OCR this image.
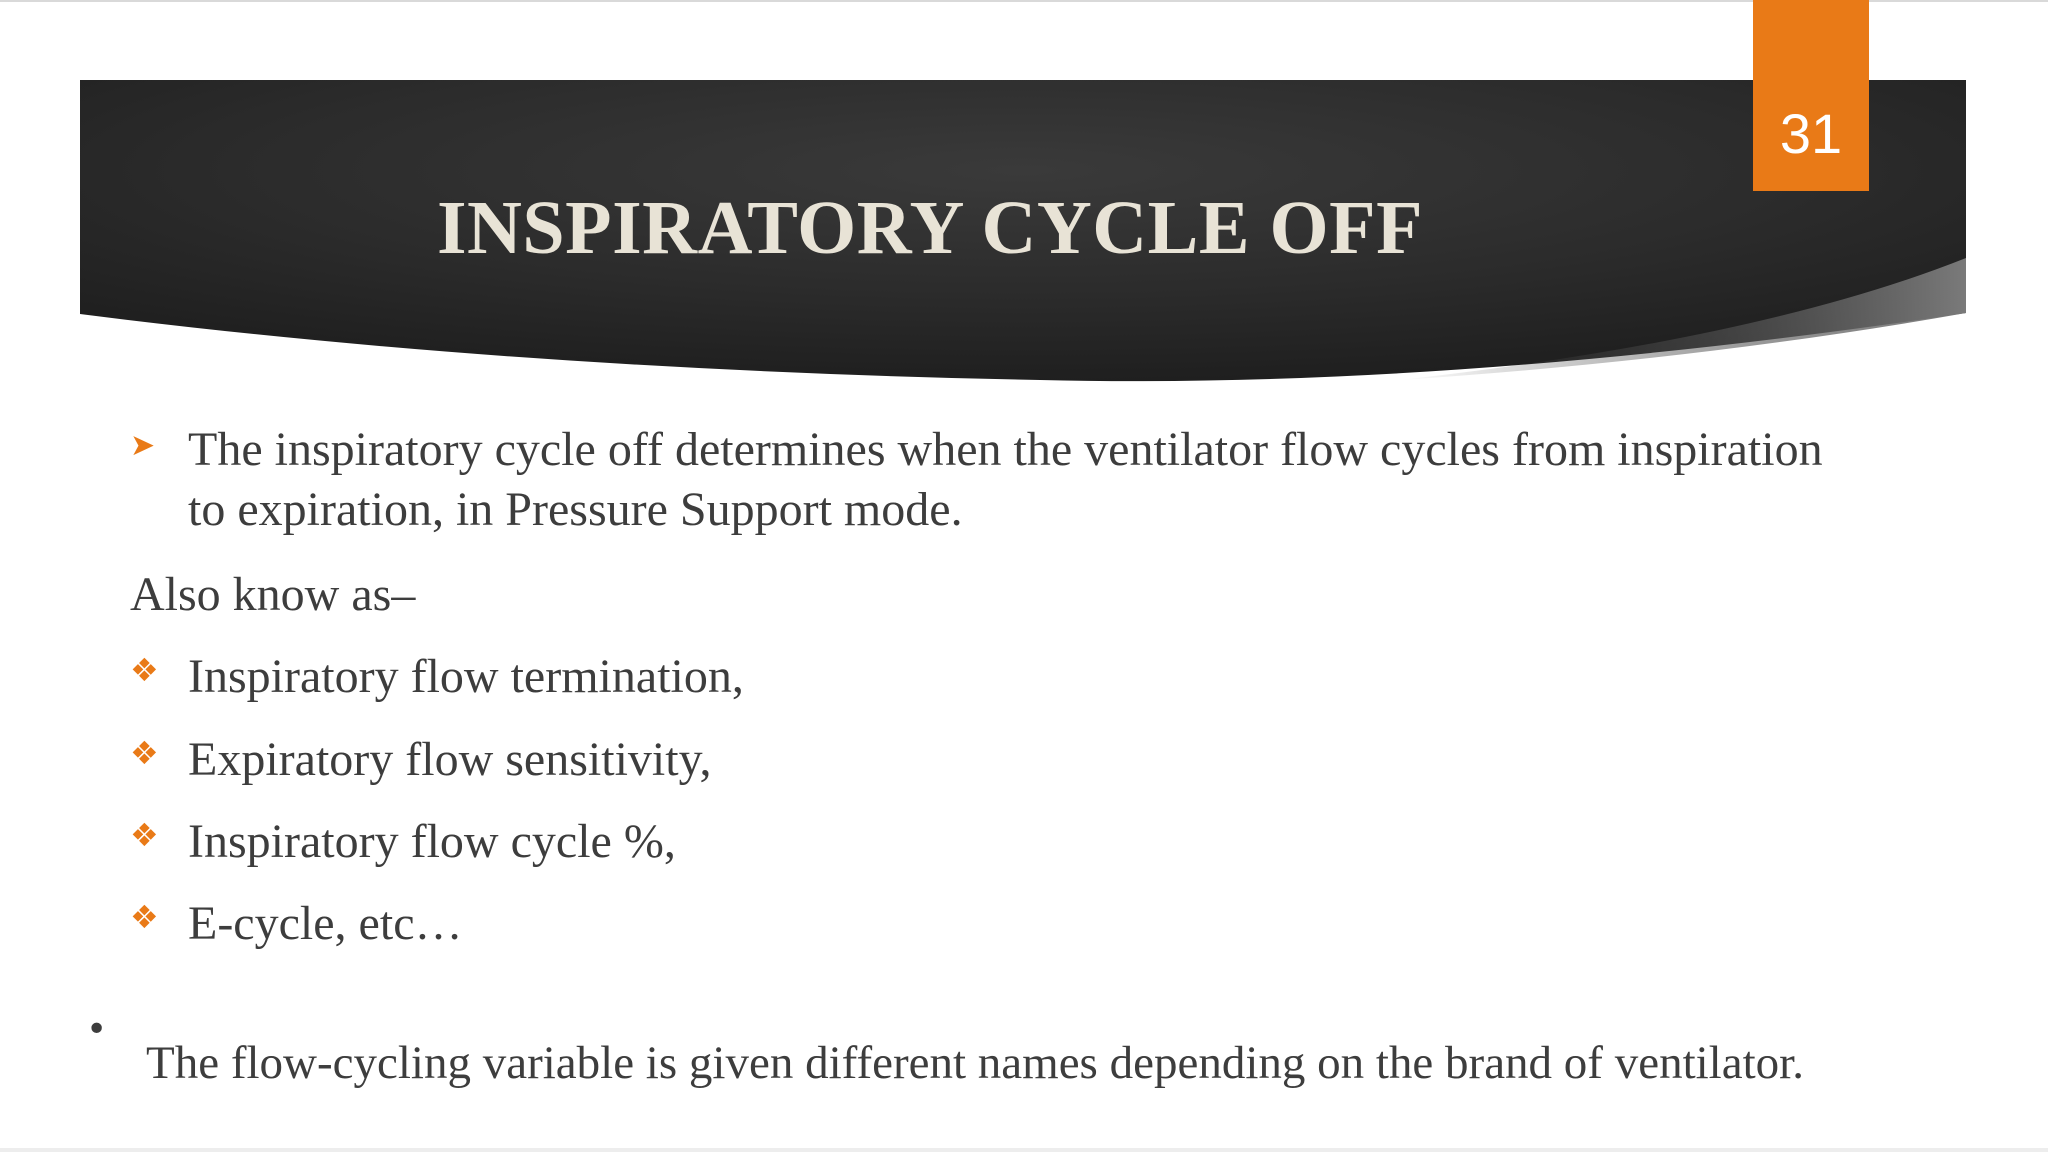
31
INSPIRATORY CYCLE OFF
➤ The inspiratory cycle off determines when the ventilator flow cycles from inspiration
to expiration, in Pressure Support mode.
Also know as–
❖ Inspiratory flow termination,
❖ Expiratory flow sensitivity,
❖ Inspiratory flow cycle %,
❖ E-cycle, etc…
•
The flow-cycling variable is given different names depending on the brand of ventilator.
